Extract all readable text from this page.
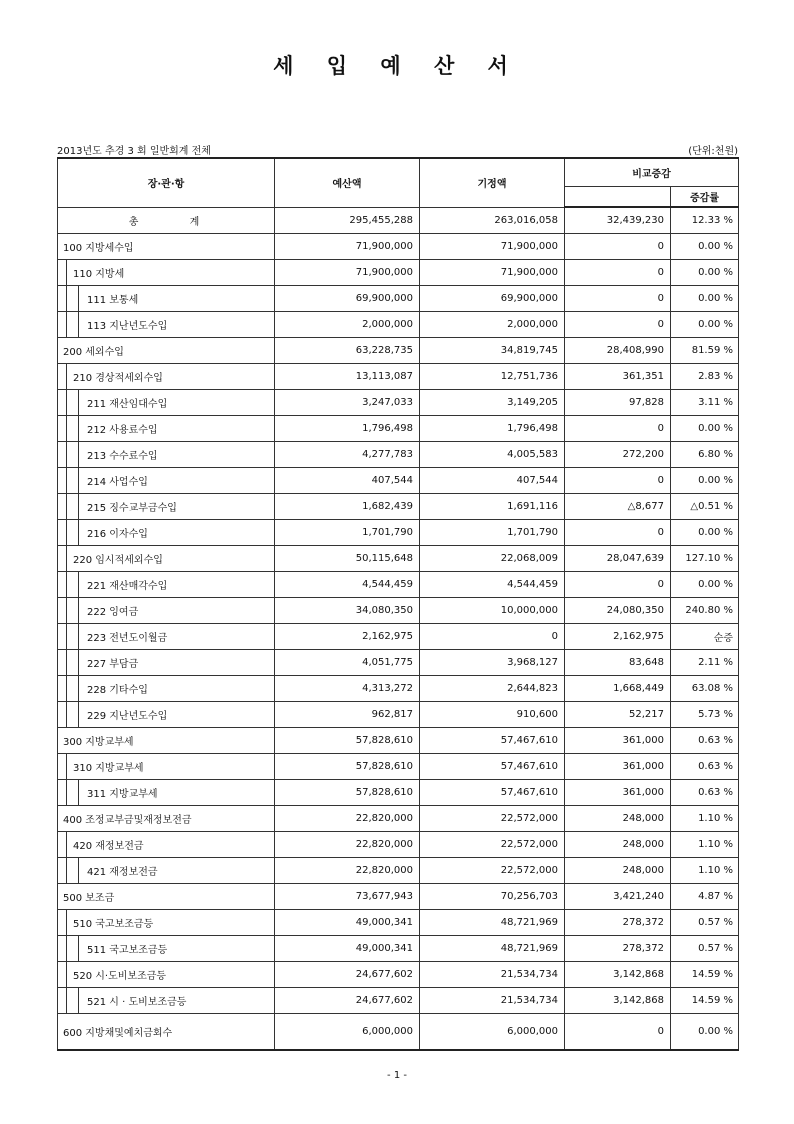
세 입 예 산 서
2013년도 추경 3 회 일반회계 전체	(단위:천원)
장·관·항	예산액	기정액	비교증감	
				증감률

총 계	295,455,288	263,016,058	32,439,230	12.33 %

100 지방세수입	71,900,000	71,900,000	0	0.00 %

110 지방세	71,900,000	71,900,000	0	0.00 %

111 보통세	69,900,000	69,900,000	0	0.00 %

113 지난년도수입	2,000,000	2,000,000	0	0.00 %

200 세외수입	63,228,735	34,819,745	28,408,990	81.59 %

210 경상적세외수입	13,113,087	12,751,736	361,351	2.83 %

211 재산임대수입	3,247,033	3,149,205	97,828	3.11 %

212 사용료수입	1,796,498	1,796,498	0	0.00 %

213 수수료수입	4,277,783	4,005,583	272,200	6.80 %

214 사업수입	407,544	407,544	0	0.00 %

215 징수교부금수입	1,682,439	1,691,116	△8,677	△0.51 %

216 이자수입	1,701,790	1,701,790	0	0.00 %

220 임시적세외수입	50,115,648	22,068,009	28,047,639	127.10 %

221 재산매각수입	4,544,459	4,544,459	0	0.00 %

222 잉여금	34,080,350	10,000,000	24,080,350	240.80 %

223 전년도이월금	2,162,975	0	2,162,975	순증

227 부담금	4,051,775	3,968,127	83,648	2.11 %

228 기타수입	4,313,272	2,644,823	1,668,449	63.08 %

229 지난년도수입	962,817	910,600	52,217	5.73 %

300 지방교부세	57,828,610	57,467,610	361,000	0.63 %

310 지방교부세	57,828,610	57,467,610	361,000	0.63 %

311 지방교부세	57,828,610	57,467,610	361,000	0.63 %

400 조정교부금및재정보전금	22,820,000	22,572,000	248,000	1.10 %

420 재정보전금	22,820,000	22,572,000	248,000	1.10 %

421 재정보전금	22,820,000	22,572,000	248,000	1.10 %

500 보조금	73,677,943	70,256,703	3,421,240	4.87 %

510 국고보조금등	49,000,341	48,721,969	278,372	0.57 %

511 국고보조금등	49,000,341	48,721,969	278,372	0.57 %

520 시·도비보조금등	24,677,602	21,534,734	3,142,868	14.59 %

521 시 · 도비보조금등	24,677,602	21,534,734	3,142,868	14.59 %

600 지방채및예치금회수	6,000,000	6,000,000	0	0.00 %
- 1 -
